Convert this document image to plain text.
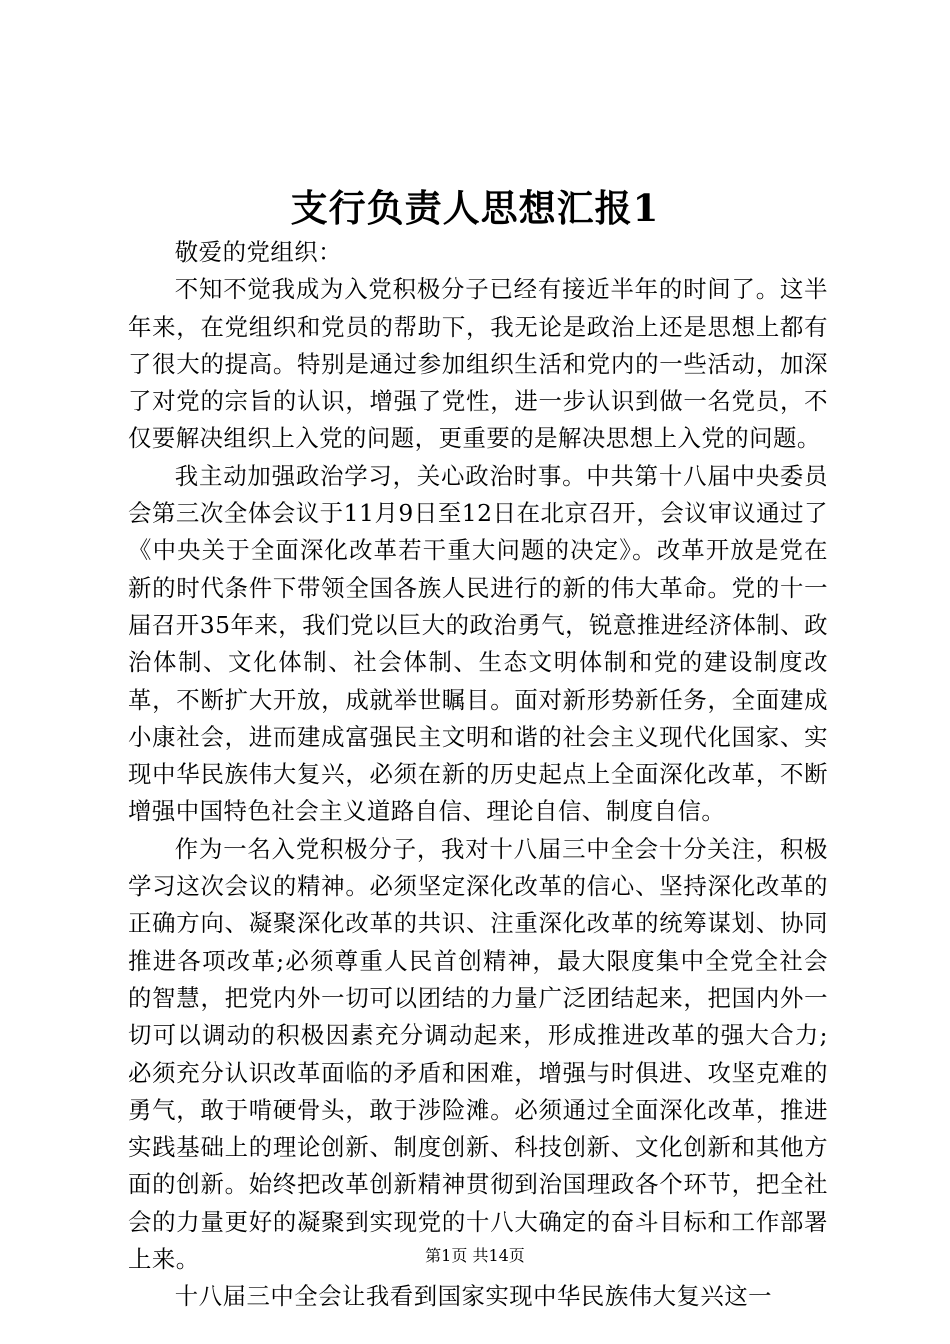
支行负责人思想汇报1

敬爱的党组织：

不知不觉我成为入党积极分子已经有接近半年的时间了。这半年来，在党组织和党员的帮助下，我无论是政治上还是思想上都有了很大的提高。特别是通过参加组织生活和党内的一些活动，加深了对党的宗旨的认识，增强了党性，进一步认识到做一名党员，不仅要解决组织上入党的问题，更重要的是解决思想上入党的问题。

我主动加强政治学习，关心政治时事。中共第十八届中央委员会第三次全体会议于11月9日至12日在北京召开，会议审议通过了《中央关于全面深化改革若干重大问题的决定》。改革开放是党在新的时代条件下带领全国各族人民进行的新的伟大革命。党的十一届召开35年来，我们党以巨大的政治勇气，锐意推进经济体制、政治体制、文化体制、社会体制、生态文明体制和党的建设制度改革，不断扩大开放，成就举世瞩目。面对新形势新任务，全面建成小康社会，进而建成富强民主文明和谐的社会主义现代化国家、实现中华民族伟大复兴，必须在新的历史起点上全面深化改革，不断增强中国特色社会主义道路自信、理论自信、制度自信。

作为一名入党积极分子，我对十八届三中全会十分关注，积极学习这次会议的精神。必须坚定深化改革的信心、坚持深化改革的正确方向、凝聚深化改革的共识、注重深化改革的统筹谋划、协同推进各项改革;必须尊重人民首创精神，最大限度集中全党全社会的智慧，把党内外一切可以团结的力量广泛团结起来，把国内外一切可以调动的积极因素充分调动起来，形成推进改革的强大合力;必须充分认识改革面临的矛盾和困难，增强与时俱进、攻坚克难的勇气，敢于啃硬骨头，敢于涉险滩。必须通过全面深化改革，推进实践基础上的理论创新、制度创新、科技创新、文化创新和其他方面的创新。始终把改革创新精神贯彻到治国理政各个环节，把全社会的力量更好的凝聚到实现党的十八大确定的奋斗目标和工作部署上来。

十八届三中全会让我看到国家实现中华民族伟大复兴这一

第1页 共14页
